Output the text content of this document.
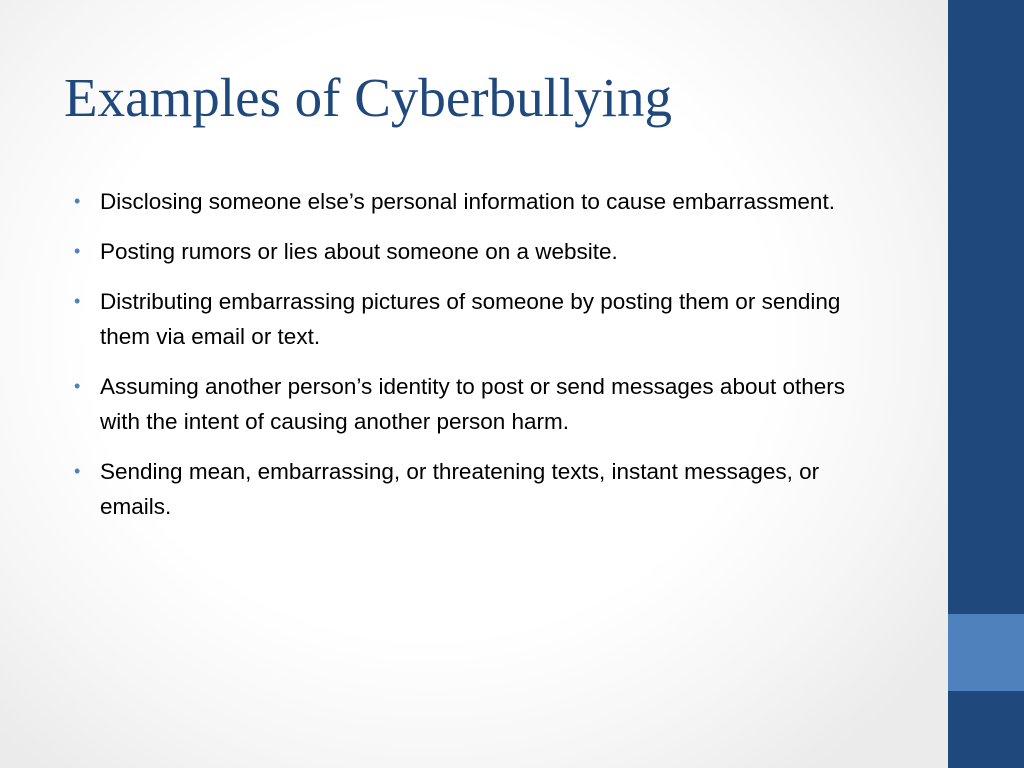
Examples of Cyberbullying
• Disclosing someone else’s personal information to cause embarrassment.
• Posting rumors or lies about someone on a website.
• Distributing embarrassing pictures of someone by posting them or sending them via email or text.
• Assuming another person’s identity to post or send messages about others with the intent of causing another person harm.
• Sending mean, embarrassing, or threatening texts, instant messages, or emails.
